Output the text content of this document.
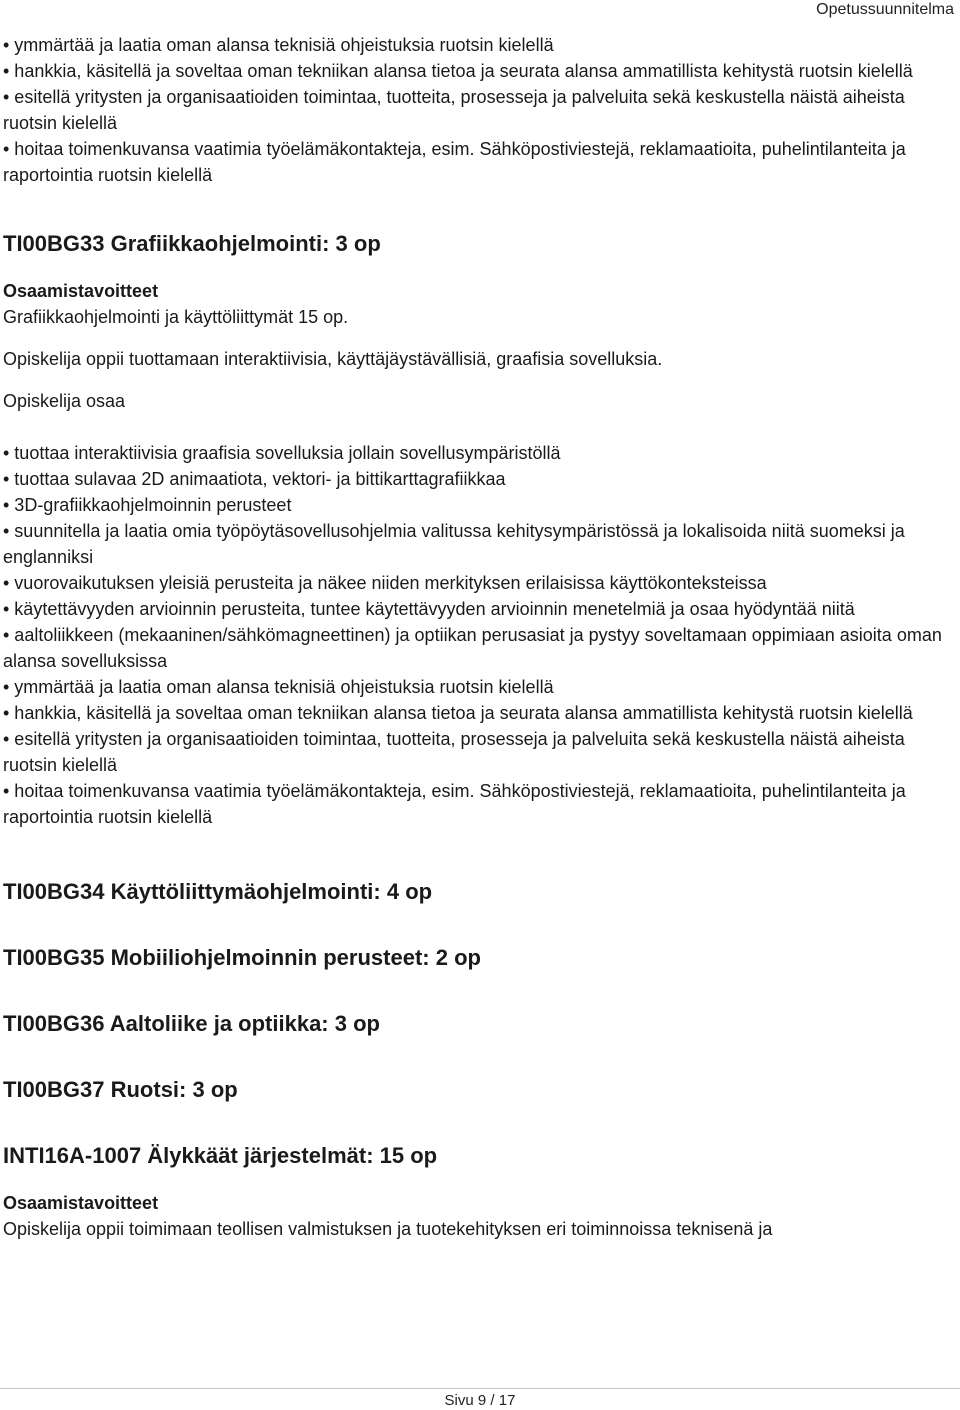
Opetussuunnitelma
• ymmärtää ja laatia oman alansa teknisiä ohjeistuksia ruotsin kielellä
• hankkia, käsitellä ja soveltaa oman tekniikan alansa tietoa ja seurata alansa ammatillista kehitystä ruotsin kielellä
• esitellä yritysten ja organisaatioiden toimintaa, tuotteita, prosesseja ja palveluita sekä keskustella näistä aiheista ruotsin kielellä
• hoitaa toimenkuvansa vaatimia työelämäkontakteja, esim. Sähköpostiviestejä, reklamaatioita, puhelintilanteita ja raportointia ruotsin kielellä
TI00BG33 Grafiikkaohjelmointi: 3 op
Osaamistavoitteet

Grafiikkaohjelmointi ja käyttöliittymät 15 op.

Opiskelija oppii tuottamaan interaktiivisia, käyttäjäystävällisiä, graafisia sovelluksia.

Opiskelija osaa

• tuottaa interaktiivisia graafisia sovelluksia jollain sovellusympäristöllä
• tuottaa sulavaa 2D animaatiota, vektori- ja bittikarttagrafiikkaa
• 3D-grafiikkaohjelmoinnin perusteet
• suunnitella ja laatia omia työpöytäsovellusohjelmia valitussa kehitysympäristössä ja lokalisoida niitä suomeksi ja englanniksi
• vuorovaikutuksen yleisiä perusteita ja näkee niiden merkityksen erilaisissa käyttökonteksteissa
• käytettävyyden arvioinnin perusteita, tuntee käytettävyyden arvioinnin menetelmiä ja osaa hyödyntää niitä
• aaltoliikkeen (mekaaninen/sähkömagneettinen) ja optiikan perusasiat ja pystyy soveltamaan oppimiaan asioita oman alansa sovelluksissa
• ymmärtää ja laatia oman alansa teknisiä ohjeistuksia ruotsin kielellä
• hankkia, käsitellä ja soveltaa oman tekniikan alansa tietoa ja seurata alansa ammatillista kehitystä ruotsin kielellä
• esitellä yritysten ja organisaatioiden toimintaa, tuotteita, prosesseja ja palveluita sekä keskustella näistä aiheista ruotsin kielellä
• hoitaa toimenkuvansa vaatimia työelämäkontakteja, esim. Sähköpostiviestejä, reklamaatioita, puhelintilanteita ja raportointia ruotsin kielellä
TI00BG34 Käyttöliittymäohjelmointi: 4 op
TI00BG35 Mobiiliohjelmoinnin perusteet: 2 op
TI00BG36 Aaltoliike ja optiikka: 3 op
TI00BG37 Ruotsi: 3 op
INTI16A-1007 Älykkäät järjestelmät: 15 op
Osaamistavoitteet

Opiskelija oppii toimimaan teollisen valmistuksen ja tuotekehityksen eri toiminnoissa teknisenä ja

Sivu 9 / 17
